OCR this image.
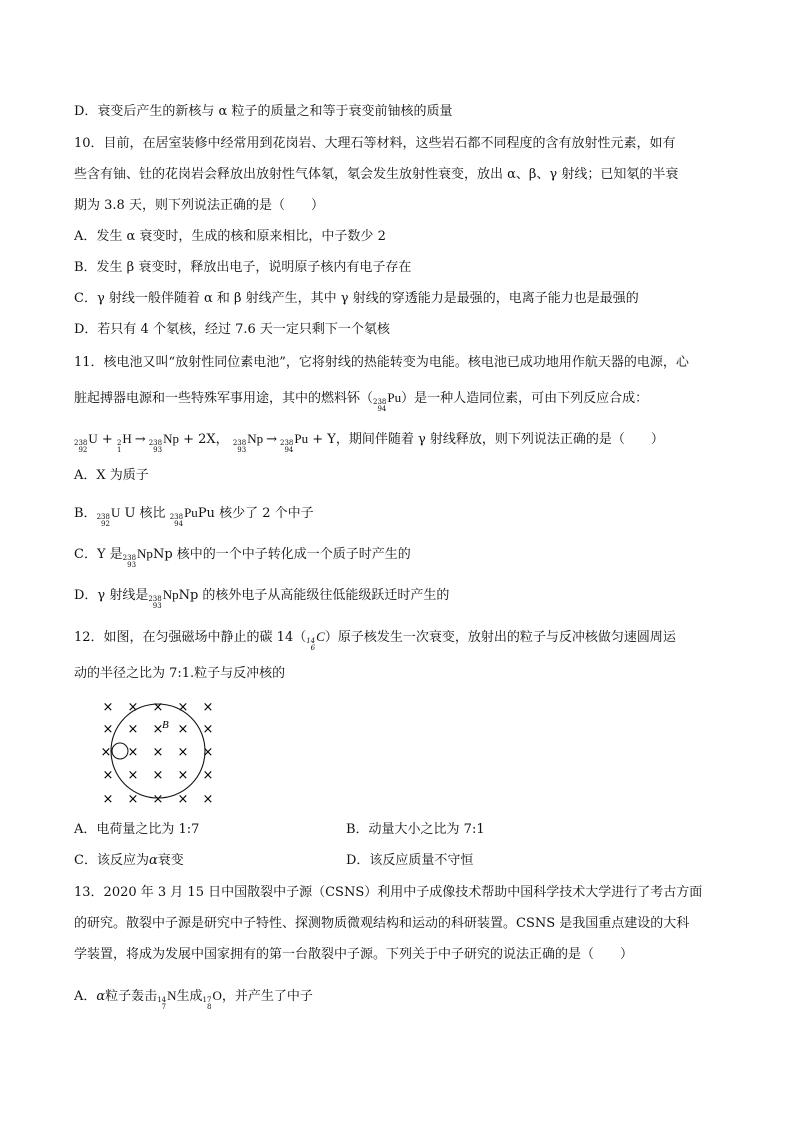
D．衰变后产生的新核与 α 粒子的质量之和等于衰变前铀核的质量
10．目前，在居室装修中经常用到花岗岩、大理石等材料，这些岩石都不同程度的含有放射性元素，如有
些含有铀、钍的花岗岩会释放出放射性气体氡，氡会发生放射性衰变，放出 α、β、γ 射线；已知氡的半衰
期为 3.8 天，则下列说法正确的是（　　）
A．发生 α 衰变时，生成的核和原来相比，中子数少 2
B．发生 β 衰变时，释放出电子，说明原子核内有电子存在
C．γ 射线一般伴随着 α 和 β 射线产生，其中 γ 射线的穿透能力是最强的，电离子能力也是最强的
D．若只有 4 个氡核，经过 7.6 天一定只剩下一个氡核
11．核电池又叫“放射性同位素电池”，它将射线的热能转变为电能。核电池已成功地用作航天器的电源，心
脏起搏器电源和一些特殊军事用途，其中的燃料钚（ 238
94
Pu）是一种人造同位素，可由下列反应合成：
238
92
U + 2
1
H → 238
93
Np + 2X， 238
93
Np → 238
94
Pu + Y，期间伴随着 γ 射线释放，则下列说法正确的是（　　）
A．X 为质子
B． 238
92
U U 核比 238
94
PuPu 核少了 2 个中子
C．Y 是 238
93
NpNp 核中的一个中子转化成一个质子时产生的
D．γ 射线是 238
93
NpNp 的核外电子从高能级往低能级跃迁时产生的
12．如图，在匀强磁场中静止的碳 14（ 14
6
C）原子核发生一次衰变，放射出的粒子与反冲核做匀速圆周运
动的半径之比为 7:1.粒子与反冲核的
× × × × ×
× × × × ×
× × × × ×
× × × × ×
× × × × ×
B
A．电荷量之比为 1:7	B．动量大小之比为 7:1
C．该反应为α衰变	D．该反应质量不守恒
13．2020 年 3 月 15 日中国散裂中子源（CSNS）利用中子成像技术帮助中国科学技术大学进行了考古方面
的研究。散裂中子源是研究中子特性、探测物质微观结构和运动的科研装置。CSNS 是我国重点建设的大科
学装置，将成为发展中国家拥有的第一台散裂中子源。下列关于中子研究的说法正确的是（　　）
A．α粒子轰击 14
7
N生成 17
8
O，并产生了中子
